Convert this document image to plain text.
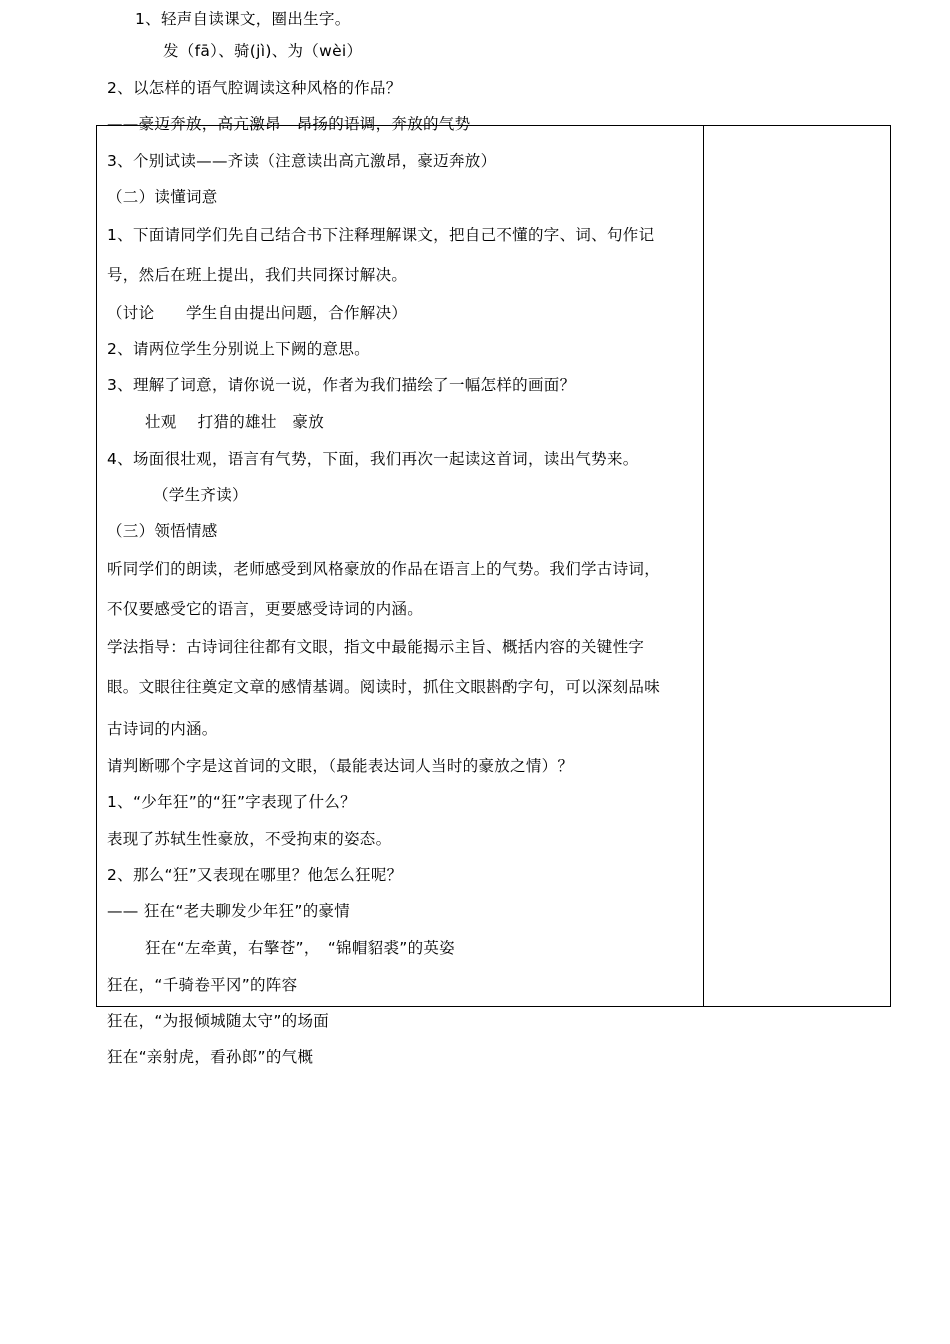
1、轻声自读课文，圈出生字。
发（fā）、骑(jì)、为（wèi）
2、以怎样的语气腔调读这种风格的作品？
——豪迈奔放，高亢激昂　昂扬的语调，奔放的气势
3、个别试读——齐读（注意读出高亢激昂，豪迈奔放）
（二）读懂词意
1、下面请同学们先自己结合书下注释理解课文，把自己不懂的字、词、句作记
号，然后在班上提出，我们共同探讨解决。
（讨论　　学生自由提出问题，合作解决）
2、请两位学生分别说上下阙的意思。
3、理解了词意，请你说一说，作者为我们描绘了一幅怎样的画面？
壮观　 打猎的雄壮　豪放
4、场面很壮观，语言有气势，下面，我们再次一起读这首词，读出气势来。
（学生齐读）
（三）领悟情感
听同学们的朗读，老师感受到风格豪放的作品在语言上的气势。我们学古诗词，
不仅要感受它的语言，更要感受诗词的内涵。
学法指导：古诗词往往都有文眼，指文中最能揭示主旨、概括内容的关键性字
眼。文眼往往奠定文章的感情基调。阅读时，抓住文眼斟酌字句，可以深刻品味
古诗词的内涵。
请判断哪个字是这首词的文眼，（最能表达词人当时的豪放之情）？
1、“少年狂”的“狂”字表现了什么？
表现了苏轼生性豪放，不受拘束的姿态。
2、那么“狂”又表现在哪里？他怎么狂呢？
—— 狂在“老夫聊发少年狂”的豪情
狂在“左牵黄，右擎苍”，　“锦帽貂裘”的英姿
狂在，“千骑卷平冈”的阵容
狂在，“为报倾城随太守”的场面
狂在“亲射虎，看孙郎”的气概
